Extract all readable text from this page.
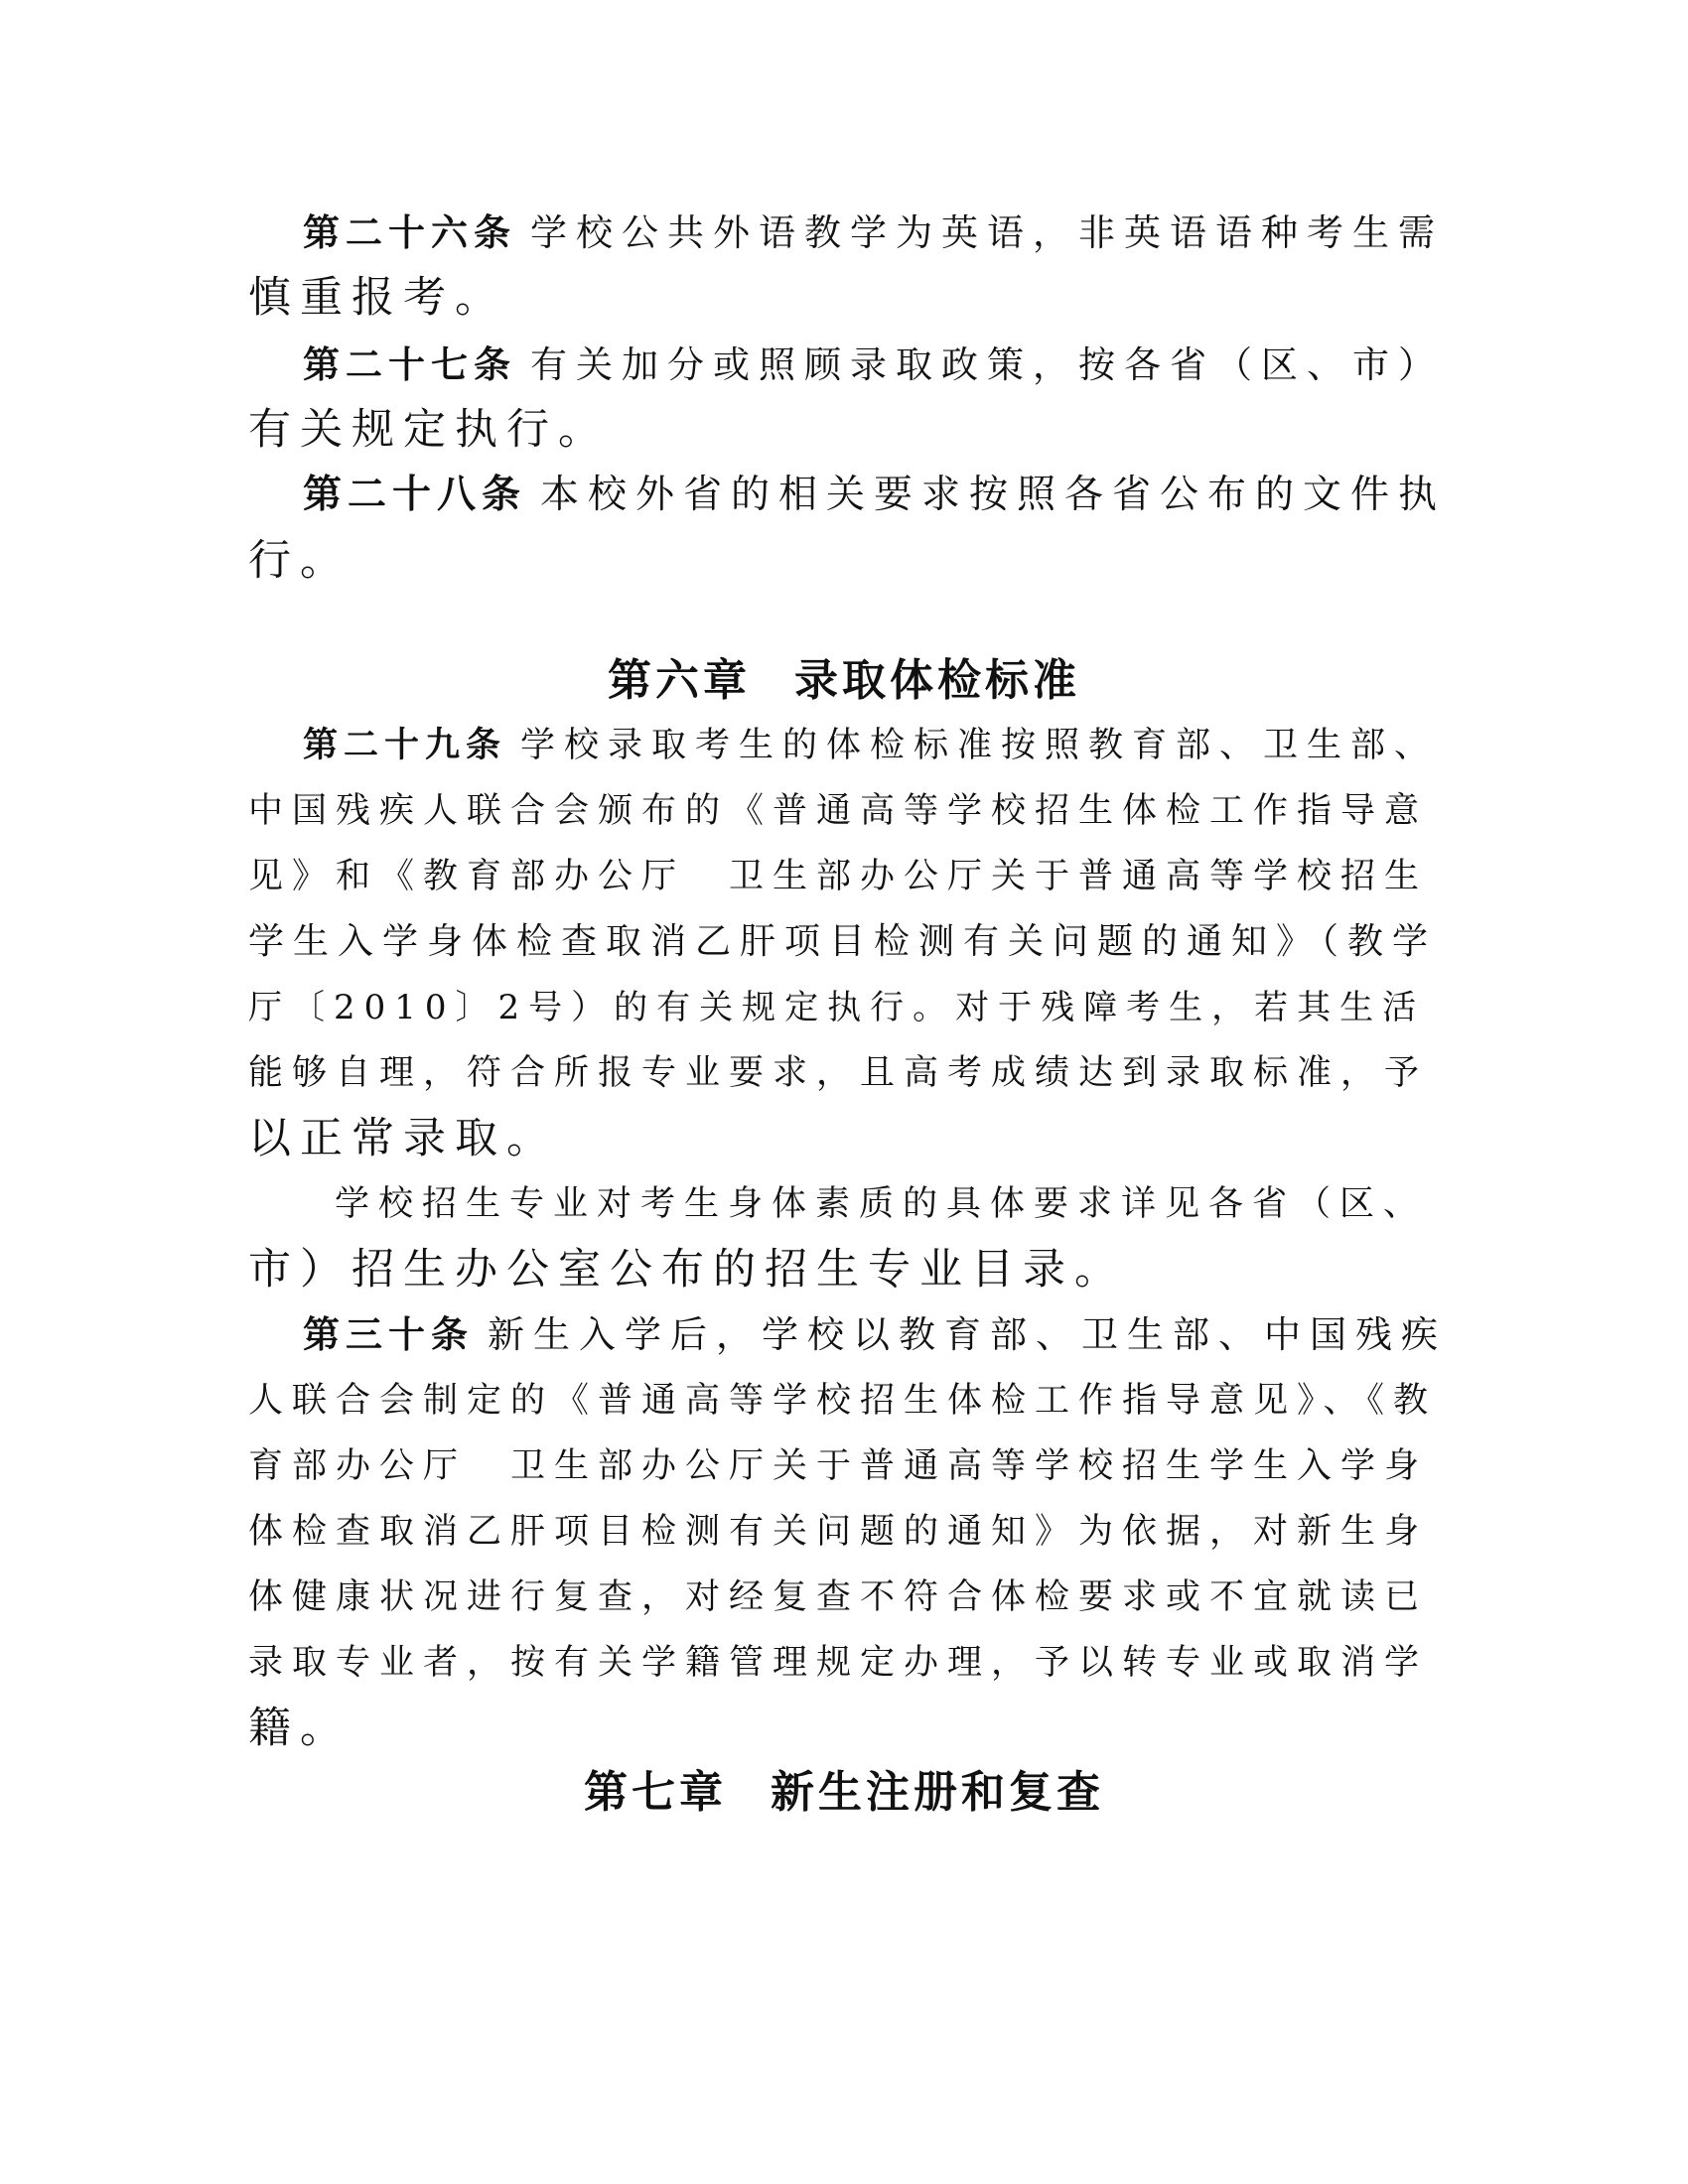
第二十六条 学校公共外语教学为英语，非英语语种考生需
慎重报考。
第二十七条 有关加分或照顾录取政策，按各省（区、市）
有关规定执行。
第二十八条 本校外省的相关要求按照各省公布的文件执
行。
第六章 录取体检标准
第二十九条 学校录取考生的体检标准按照教育部、卫生部、
中国残疾人联合会颁布的《普通高等学校招生体检工作指导意
见》和《教育部办公厅　卫生部办公厅关于普通高等学校招生
学生入学身体检查取消乙肝项目检测有关问题的通知》（教学
厅〔2010〕2号）的有关规定执行。对于残障考生，若其生活
能够自理，符合所报专业要求，且高考成绩达到录取标准，予
以正常录取。
学校招生专业对考生身体素质的具体要求详见各省（区、
市）招生办公室公布的招生专业目录。
第三十条 新生入学后，学校以教育部、卫生部、中国残疾
人联合会制定的《普通高等学校招生体检工作指导意见》、《教
育部办公厅　卫生部办公厅关于普通高等学校招生学生入学身
体检查取消乙肝项目检测有关问题的通知》为依据，对新生身
体健康状况进行复查，对经复查不符合体检要求或不宜就读已
录取专业者，按有关学籍管理规定办理，予以转专业或取消学
籍。
第七章 新生注册和复查
